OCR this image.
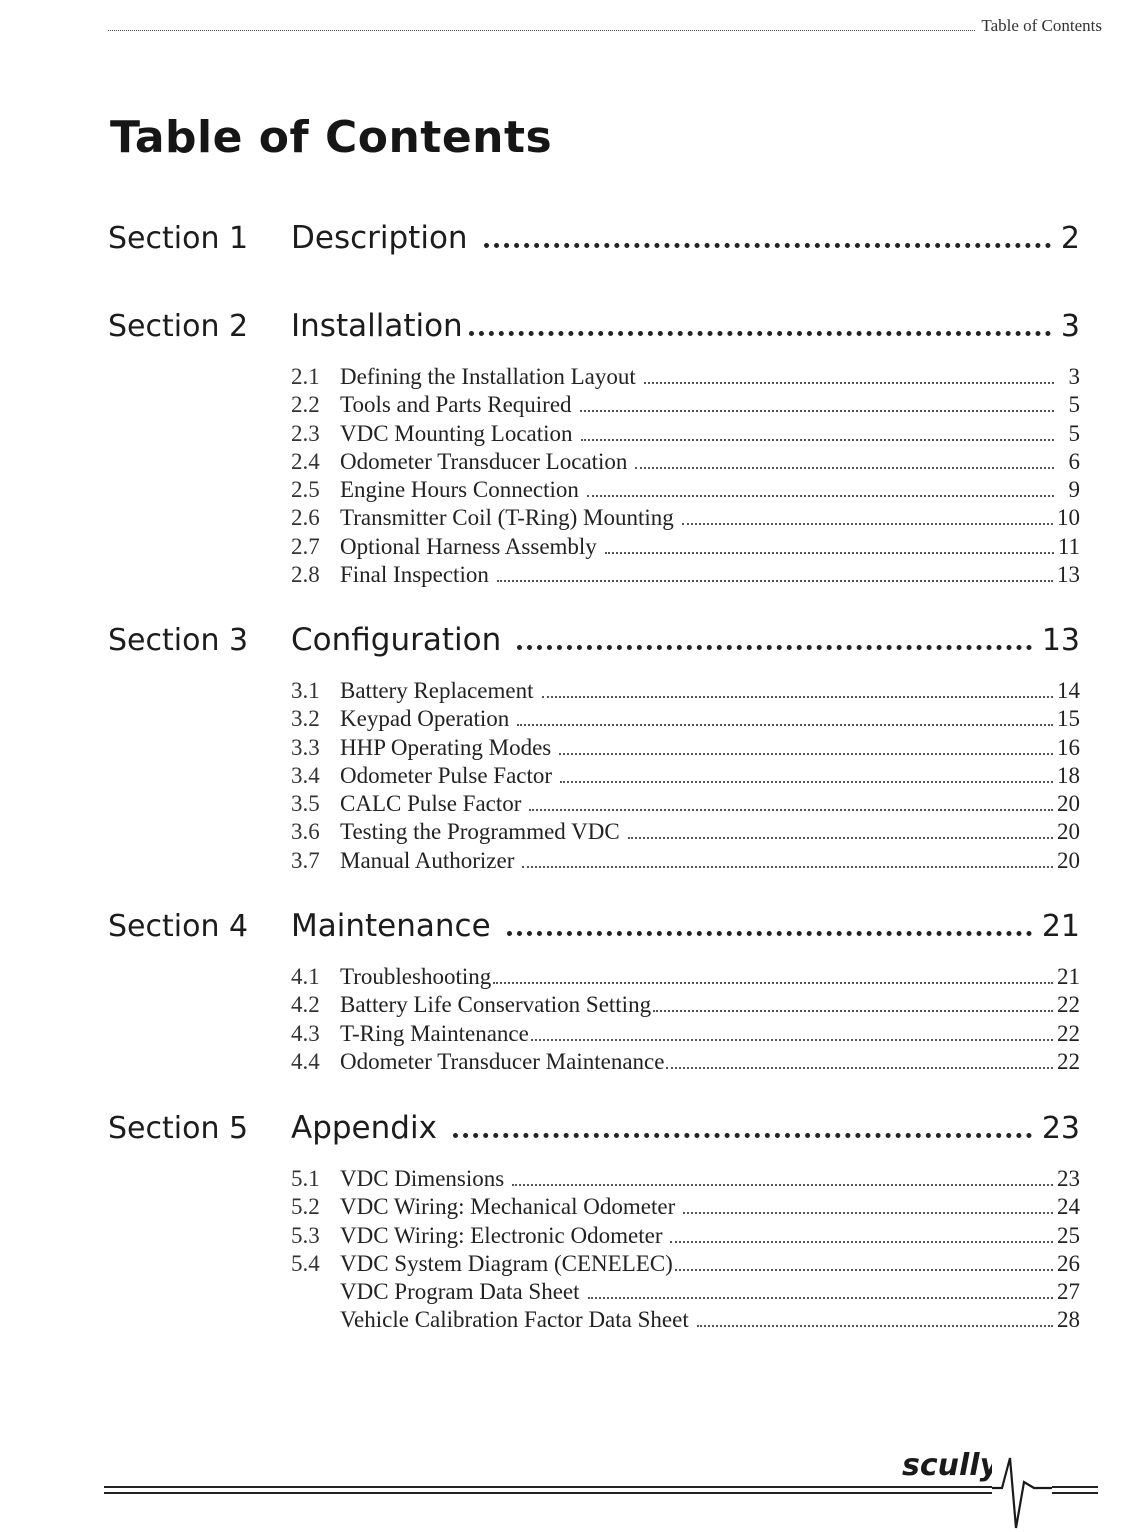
Table of Contents
Table of Contents
Section 1	Description	2
Section 2	Installation	3
2.1 Defining the Installation Layout	3
2.2 Tools and Parts Required	5
2.3 VDC Mounting Location	5
2.4 Odometer Transducer Location	6
2.5 Engine Hours Connection	9
2.6 Transmitter Coil (T-Ring) Mounting	10
2.7 Optional Harness Assembly	11
2.8 Final Inspection	13
Section 3	Configuration	13
3.1 Battery Replacement	14
3.2 Keypad Operation	15
3.3 HHP Operating Modes	16
3.4 Odometer Pulse Factor	18
3.5 CALC Pulse Factor	20
3.6 Testing the Programmed VDC	20
3.7 Manual Authorizer	20
Section 4	Maintenance	21
4.1 Troubleshooting	21
4.2 Battery Life Conservation Setting	22
4.3 T-Ring Maintenance	22
4.4 Odometer Transducer Maintenance	22
Section 5	Appendix	23
5.1 VDC Dimensions	23
5.2 VDC Wiring: Mechanical Odometer	24
5.3 VDC Wiring: Electronic Odometer	25
5.4 VDC System Diagram (CENELEC)	26
VDC Program Data Sheet	27
Vehicle Calibration Factor Data Sheet	28
scully
